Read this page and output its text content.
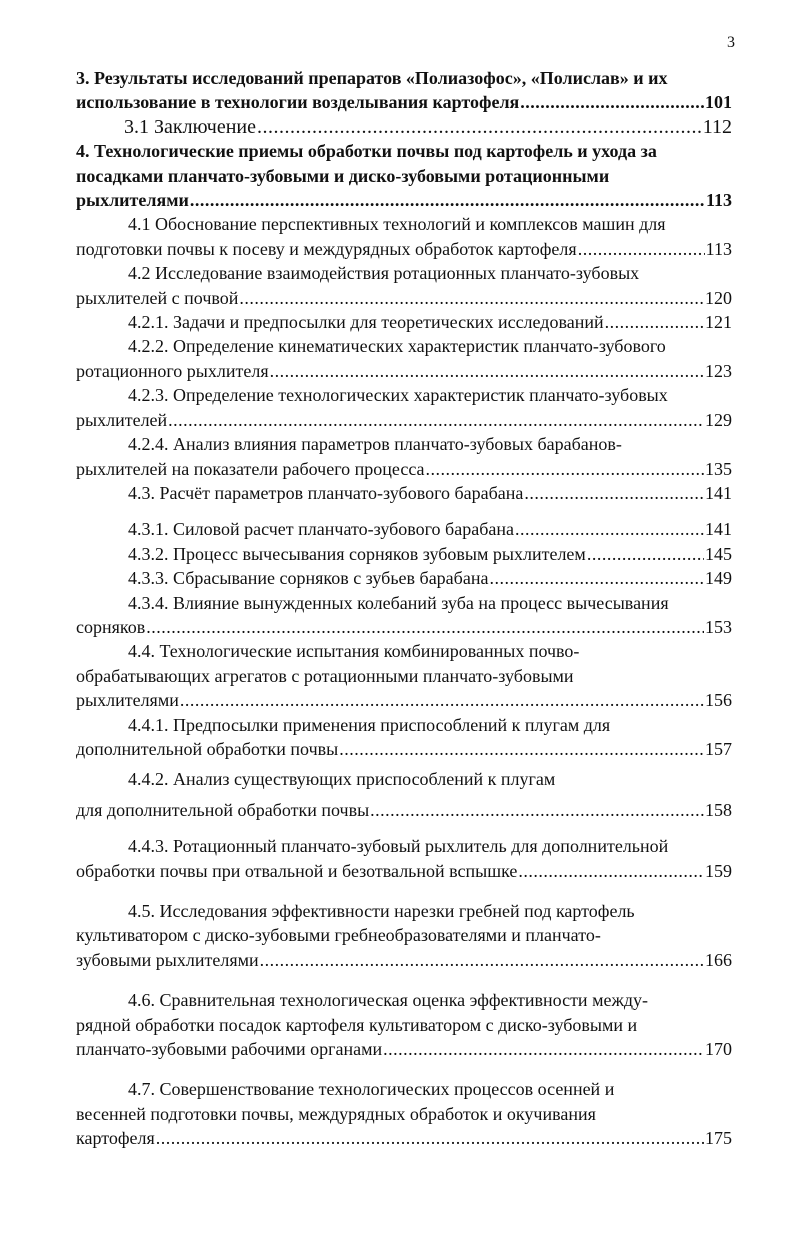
3
3. Результаты исследований препаратов «Полиазофос», «Полислав» и их
использование в технологии возделывания картофеля .....	101
3.1 Заключение .....	112
4. Технологические приемы обработки почвы под картофель и ухода за
посадками планчато-зубовыми и диско-зубовыми ротационными
рыхлителями .....	113
4.1 Обоснование перспективных технологий и комплексов машин для
подготовки почвы к посеву и междурядных обработок картофеля .....	113
4.2 Исследование взаимодействия ротационных планчато-зубовых
рыхлителей с почвой .....	120
4.2.1. Задачи и предпосылки для теоретических исследований .....	121
4.2.2. Определение кинематических характеристик планчато-зубового
ротационного рыхлителя .....	123
4.2.3. Определение технологических характеристик планчато-зубовых
рыхлителей .....	129
4.2.4. Анализ влияния параметров планчато-зубовых барабанов-
рыхлителей на показатели рабочего процесса .....	135
4.3. Расчёт параметров планчато-зубового барабана .....	141
4.3.1. Силовой расчет планчато-зубового барабана .....	141
4.3.2. Процесс вычесывания сорняков зубовым рыхлителем .....	145
4.3.3. Сбрасывание сорняков с зубьев барабана .....	149
4.3.4. Влияние вынужденных колебаний зуба на процесс вычесывания
сорняков .....	153
4.4. Технологические испытания комбинированных почво-
обрабатывающих агрегатов с ротационными планчато-зубовыми
рыхлителями .....	156
4.4.1. Предпосылки применения приспособлений к плугам для
дополнительной обработки почвы .....	157
4.4.2. Анализ существующих приспособлений к плугам
для дополнительной обработки почвы .....	158
4.4.3. Ротационный планчато-зубовый рыхлитель для дополнительной
обработки почвы при отвальной и безотвальной вспышке .....	159
4.5. Исследования эффективности нарезки гребней под картофель
культиватором с диско-зубовыми гребнеобразователями и планчато-
зубовыми рыхлителями .....	166
4.6. Сравнительная технологическая оценка эффективности между-
рядной обработки посадок картофеля культиватором с диско-зубовыми и
планчато-зубовыми рабочими органами .....	170
4.7. Совершенствование технологических процессов осенней и
весенней подготовки почвы, междурядных обработок и окучивания
картофеля .....	175
